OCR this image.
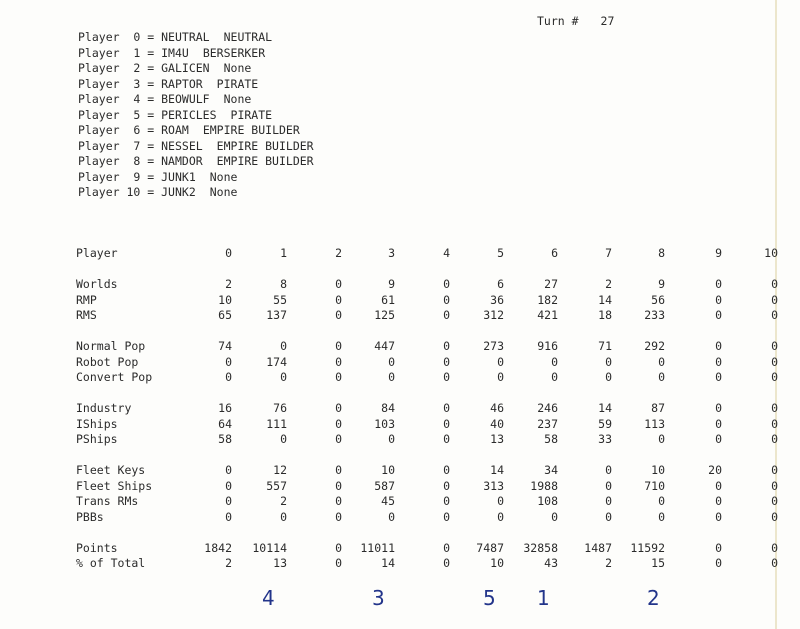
Turn # 27
Player 0 = NEUTRAL NEUTRAL
Player 1 = IM4U BERSERKER
Player 2 = GALICEN None
Player 3 = RAPTOR PIRATE
Player 4 = BEOWULF None
Player 5 = PERICLES PIRATE
Player 6 = ROAM EMPIRE BUILDER
Player 7 = NESSEL EMPIRE BUILDER
Player 8 = NAMDOR EMPIRE BUILDER
Player 9 = JUNK1 None
Player 10 = JUNK2 None
Player	0	1	2	3	4	5	6	7	8	9	10

Worlds	2	8	0	9	0	6	27	2	9	0	0
RMP	10	55	0	61	0	36	182	14	56	0	0
RMS	65	137	0	125	0	312	421	18	233	0	0

Normal Pop	74	0	0	447	0	273	916	71	292	0	0
Robot Pop	0	174	0	0	0	0	0	0	0	0	0
Convert Pop	0	0	0	0	0	0	0	0	0	0	0

Industry	16	76	0	84	0	46	246	14	87	0	0
IShips	64	111	0	103	0	40	237	59	113	0	0
PShips	58	0	0	0	0	13	58	33	0	0	0

Fleet Keys	0	12	0	10	0	14	34	0	10	20	0
Fleet Ships	0	557	0	587	0	313	1988	0	710	0	0
Trans RMs	0	2	0	45	0	0	108	0	0	0	0
PBBs	0	0	0	0	0	0	0	0	0	0	0

Points	1842	10114	0	11011	0	7487	32858	1487	11592	0	0
% of Total	2	13	0	14	0	10	43	2	15	0	0
4	3	5 1	2
